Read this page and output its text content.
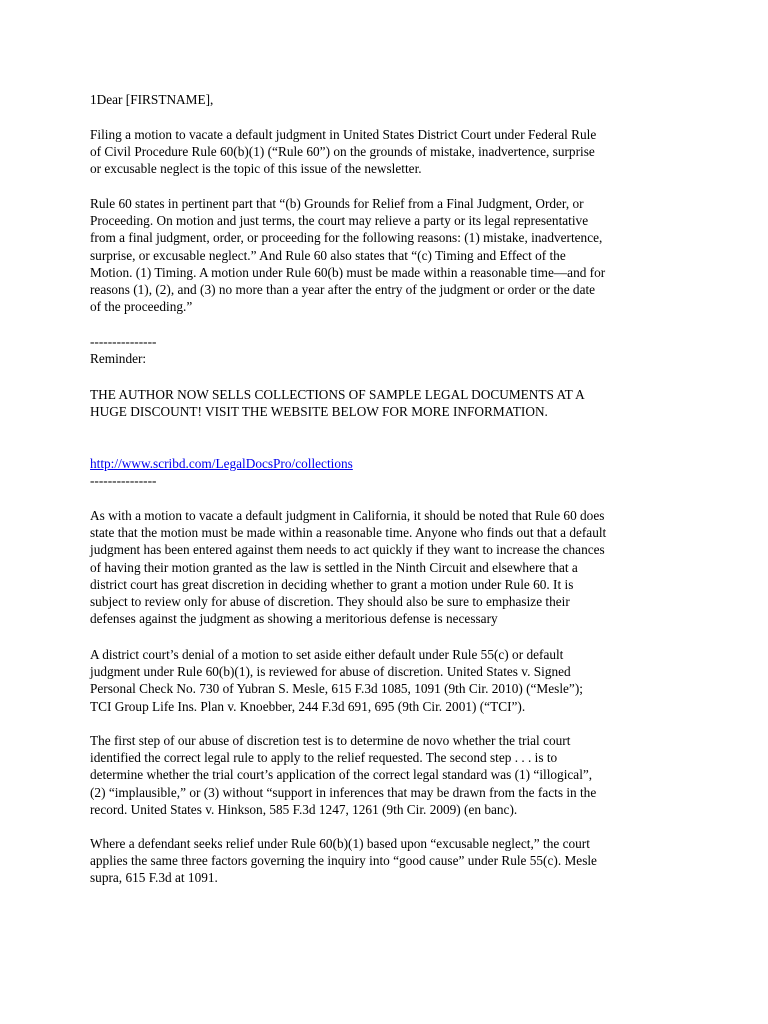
1Dear [FIRSTNAME],

Filing a motion to vacate a default judgment in United States District Court under Federal Rule
of Civil Procedure Rule 60(b)(1) (“Rule 60”) on the grounds of mistake, inadvertence, surprise
or excusable neglect is the topic of this issue of the newsletter.

Rule 60 states in pertinent part that “(b) Grounds for Relief from a Final Judgment, Order, or
Proceeding. On motion and just terms, the court may relieve a party or its legal representative
from a final judgment, order, or proceeding for the following reasons: (1) mistake, inadvertence,
surprise, or excusable neglect.” And Rule 60 also states that “(c) Timing and Effect of the
Motion. (1) Timing. A motion under Rule 60(b) must be made within a reasonable time—and for
reasons (1), (2), and (3) no more than a year after the entry of the judgment or order or the date
of the proceeding.”

---------------

Reminder:

THE AUTHOR NOW SELLS COLLECTIONS OF SAMPLE LEGAL DOCUMENTS AT A
HUGE DISCOUNT! VISIT THE WEBSITE BELOW FOR MORE INFORMATION.

http://www.scribd.com/LegalDocsPro/collections

---------------

As with a motion to vacate a default judgment in California, it should be noted that Rule 60 does
state that the motion must be made within a reasonable time. Anyone who finds out that a default
judgment has been entered against them needs to act quickly if they want to increase the chances
of having their motion granted as the law is settled in the Ninth Circuit and elsewhere that a
district court has great discretion in deciding whether to grant a motion under Rule 60. It is
subject to review only for abuse of discretion. They should also be sure to emphasize their
defenses against the judgment as showing a meritorious defense is necessary

A district court’s denial of a motion to set aside either default under Rule 55(c) or default
judgment under Rule 60(b)(1), is reviewed for abuse of discretion. United States v. Signed
Personal Check No. 730 of Yubran S. Mesle, 615 F.3d 1085, 1091 (9th Cir. 2010) (“Mesle”);
TCI Group Life Ins. Plan v. Knoebber, 244 F.3d 691, 695 (9th Cir. 2001) (“TCI”).

The first step of our abuse of discretion test is to determine de novo whether the trial court
identified the correct legal rule to apply to the relief requested. The second step . . . is to
determine whether the trial court’s application of the correct legal standard was (1) “illogical”,
(2) “implausible,” or (3) without “support in inferences that may be drawn from the facts in the
record. United States v. Hinkson, 585 F.3d 1247, 1261 (9th Cir. 2009) (en banc).

Where a defendant seeks relief under Rule 60(b)(1) based upon “excusable neglect,” the court
applies the same three factors governing the inquiry into “good cause” under Rule 55(c). Mesle
supra, 615 F.3d at 1091.
